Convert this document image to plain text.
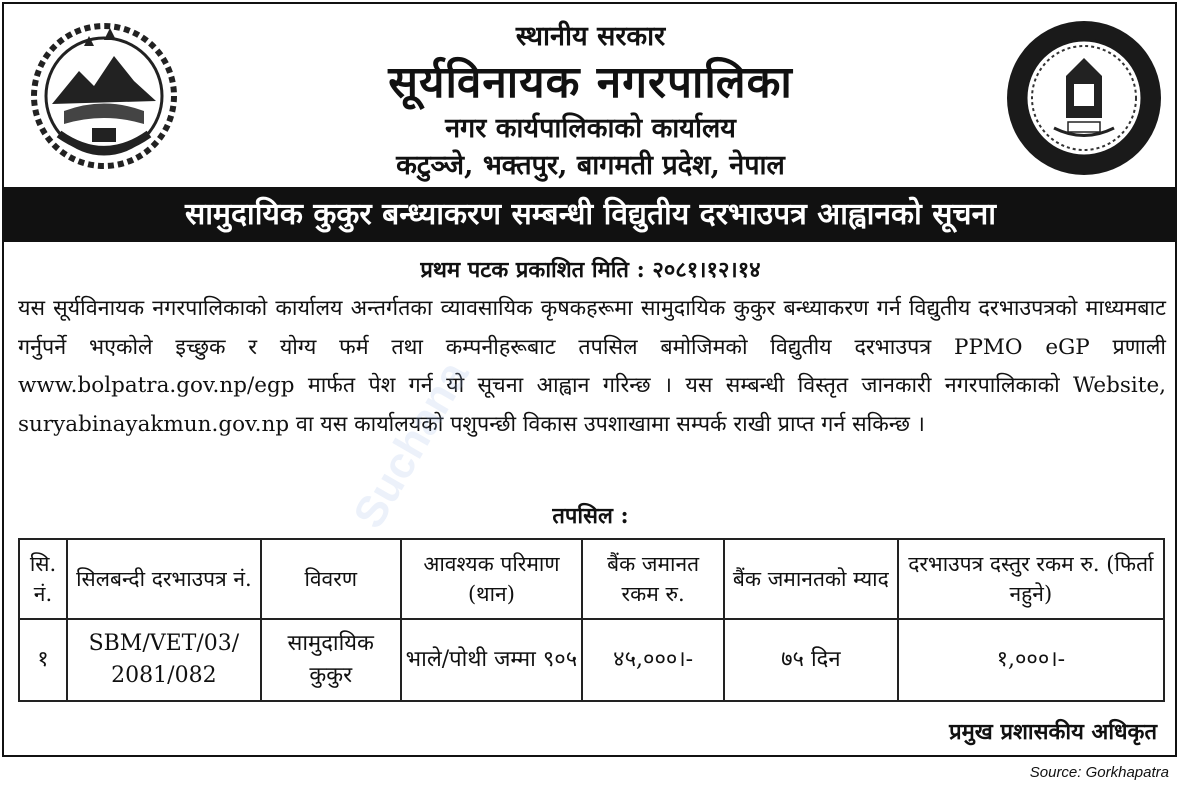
स्थानीय सरकार
सूर्यविनायक नगरपालिका
नगर कार्यपालिकाको कार्यालय
कटुञ्जे, भक्तपुर, बागमती प्रदेश, नेपाल
सामुदायिक कुकुर बन्ध्याकरण सम्बन्धी विद्युतीय दरभाउपत्र आह्वानको सूचना
प्रथम पटक प्रकाशित मिति : २०८१।१२।१४
यस सूर्यविनायक नगरपालिकाको कार्यालय अन्तर्गतका व्यावसायिक कृषकहरूमा सामुदायिक कुकुर बन्ध्याकरण गर्न विद्युतीय दरभाउपत्रको माध्यमबाट गर्नुपर्ने भएकोले इच्छुक र योग्य फर्म तथा कम्पनीहरूबाट तपसिल बमोजिमको विद्युतीय दरभाउपत्र PPMO eGP प्रणाली www.bolpatra.gov.np/egp मार्फत पेश गर्न यो सूचना आह्वान गरिन्छ । यस सम्बन्धी विस्तृत जानकारी नगरपालिकाको Website, suryabinayakmun.gov.np वा यस कार्यालयको पशुपन्छी विकास उपशाखामा सम्पर्क राखी प्राप्त गर्न सकिन्छ ।
Suchana	तपसिल :
सि. नं.	सिलबन्दी दरभाउपत्र नं.	विवरण	आवश्यक परिमाण (थान)	बैंक जमानत रकम रु.	बैंक जमानतको म्याद	दरभाउपत्र दस्तुर रकम रु. (फिर्ता नहुने)
१	SBM/VET/03/ 2081/082	सामुदायिक कुकुर	भाले/पोथी जम्मा ९०५	४५,०००।-	७५ दिन	१,०००।-
प्रमुख प्रशासकीय अधिकृत
Source: Gorkhapatra
